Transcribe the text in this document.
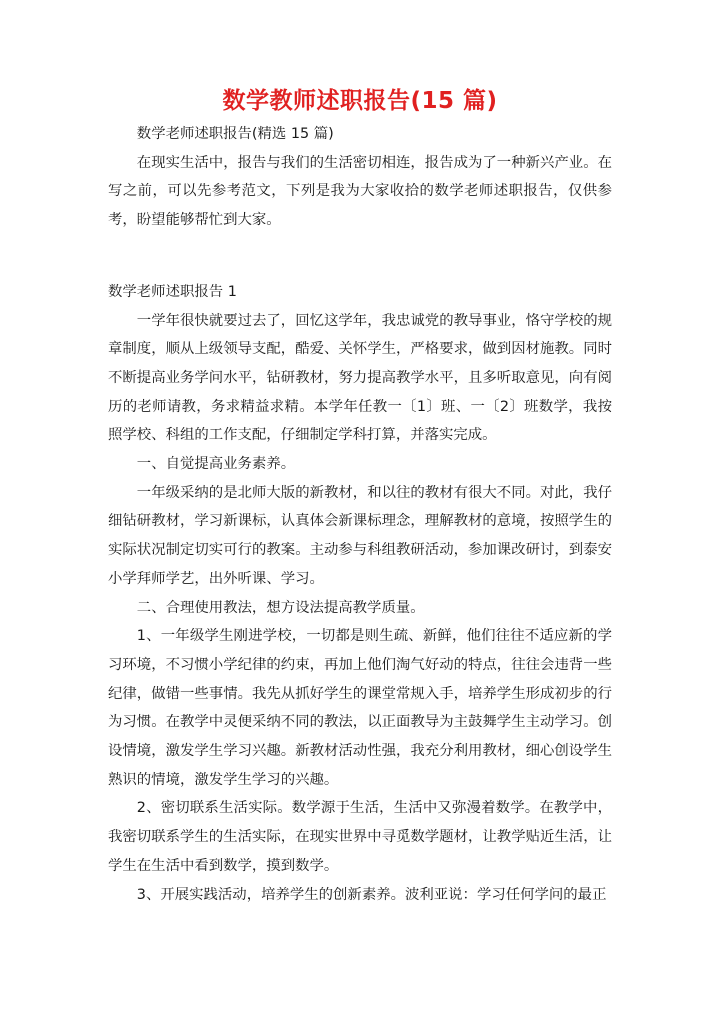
数学教师述职报告(15 篇)

数学老师述职报告(精选 15 篇)

在现实生活中，报告与我们的生活密切相连，报告成为了一种新兴产业。在写之前，可以先参考范文，下列是我为大家收拾的数学老师述职报告，仅供参考，盼望能够帮忙到大家。

数学老师述职报告 1

一学年很快就要过去了，回忆这学年，我忠诚党的教导事业，恪守学校的规章制度，顺从上级领导支配，酷爱、关怀学生，严格要求，做到因材施教。同时不断提高业务学问水平，钻研教材，努力提高教学水平，且多听取意见，向有阅历的老师请教，务求精益求精。本学年任教一〔1〕班、一〔2〕班数学，我按照学校、科组的工作支配，仔细制定学科打算，并落实完成。

一、自觉提高业务素养。

一年级采纳的是北师大版的新教材，和以往的教材有很大不同。对此，我仔细钻研教材，学习新课标，认真体会新课标理念，理解教材的意境，按照学生的实际状况制定切实可行的教案。主动参与科组教研活动，参加课改研讨，到泰安小学拜师学艺，出外听课、学习。

二、合理使用教法，想方设法提高教学质量。

1、一年级学生刚进学校，一切都是则生疏、新鲜，他们往往不适应新的学习环境，不习惯小学纪律的约束，再加上他们淘气好动的特点，往往会违背一些纪律，做错一些事情。我先从抓好学生的课堂常规入手，培养学生形成初步的行为习惯。在教学中灵便采纳不同的教法，以正面教导为主鼓舞学生主动学习。创设情境，激发学生学习兴趣。新教材活动性强，我充分利用教材，细心创设学生熟识的情境，激发学生学习的兴趣。

2、密切联系生活实际。数学源于生活，生活中又弥漫着数学。在教学中，我密切联系学生的生活实际，在现实世界中寻觅数学题材，让教学贴近生活，让学生在生活中看到数学，摸到数学。

3、开展实践活动，培养学生的创新素养。波利亚说：学习任何学问的最正
